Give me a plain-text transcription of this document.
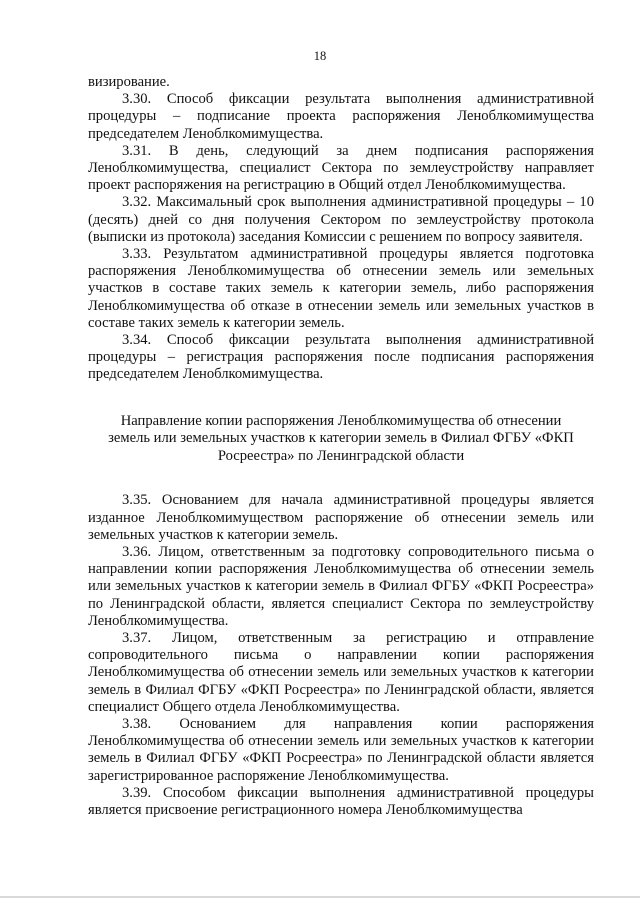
18

визирование.

3.30. Способ фиксации результата выполнения административной процедуры – подписание проекта распоряжения Леноблкомимущества председателем Леноблкомимущества.

3.31. В день, следующий за днем подписания распоряжения Леноблкомимущества, специалист Сектора по землеустройству направляет проект распоряжения на регистрацию в Общий отдел Леноблкомимущества.

3.32. Максимальный срок выполнения административной процедуры – 10 (десять) дней со дня получения Сектором по землеустройству протокола (выписки из протокола) заседания Комиссии с решением по вопросу заявителя.

3.33. Результатом административной процедуры является подготовка распоряжения Леноблкомимущества об отнесении земель или земельных участков в составе таких земель к категории земель, либо распоряжения Леноблкомимущества об отказе в отнесении земель или земельных участков в составе таких земель к категории земель.

3.34. Способ фиксации результата выполнения административной процедуры – регистрация распоряжения после подписания распоряжения председателем Леноблкомимущества.

Направление копии распоряжения Леноблкомимущества об отнесении
земель или земельных участков к категории земель в Филиал ФГБУ «ФКП
Росреестра» по Ленинградской области

3.35. Основанием для начала административной процедуры является изданное Леноблкомимуществом распоряжение об отнесении земель или земельных участков к категории земель.

3.36. Лицом, ответственным за подготовку сопроводительного письма о направлении копии распоряжения Леноблкомимущества об отнесении земель или земельных участков к категории земель в Филиал ФГБУ «ФКП Росреестра» по Ленинградской области, является специалист Сектора по землеустройству Леноблкомимущества.

3.37. Лицом, ответственным за регистрацию и отправление сопроводительного письма о направлении копии распоряжения Леноблкомимущества об отнесении земель или земельных участков к категории земель в Филиал ФГБУ «ФКП Росреестра» по Ленинградской области, является специалист Общего отдела Леноблкомимущества.

3.38. Основанием для направления копии распоряжения Леноблкомимущества об отнесении земель или земельных участков к категории земель в Филиал ФГБУ «ФКП Росреестра» по Ленинградской области является зарегистрированное распоряжение Леноблкомимущества.

3.39. Способом фиксации выполнения административной процедуры является присвоение регистрационного номера Леноблкомимущества
